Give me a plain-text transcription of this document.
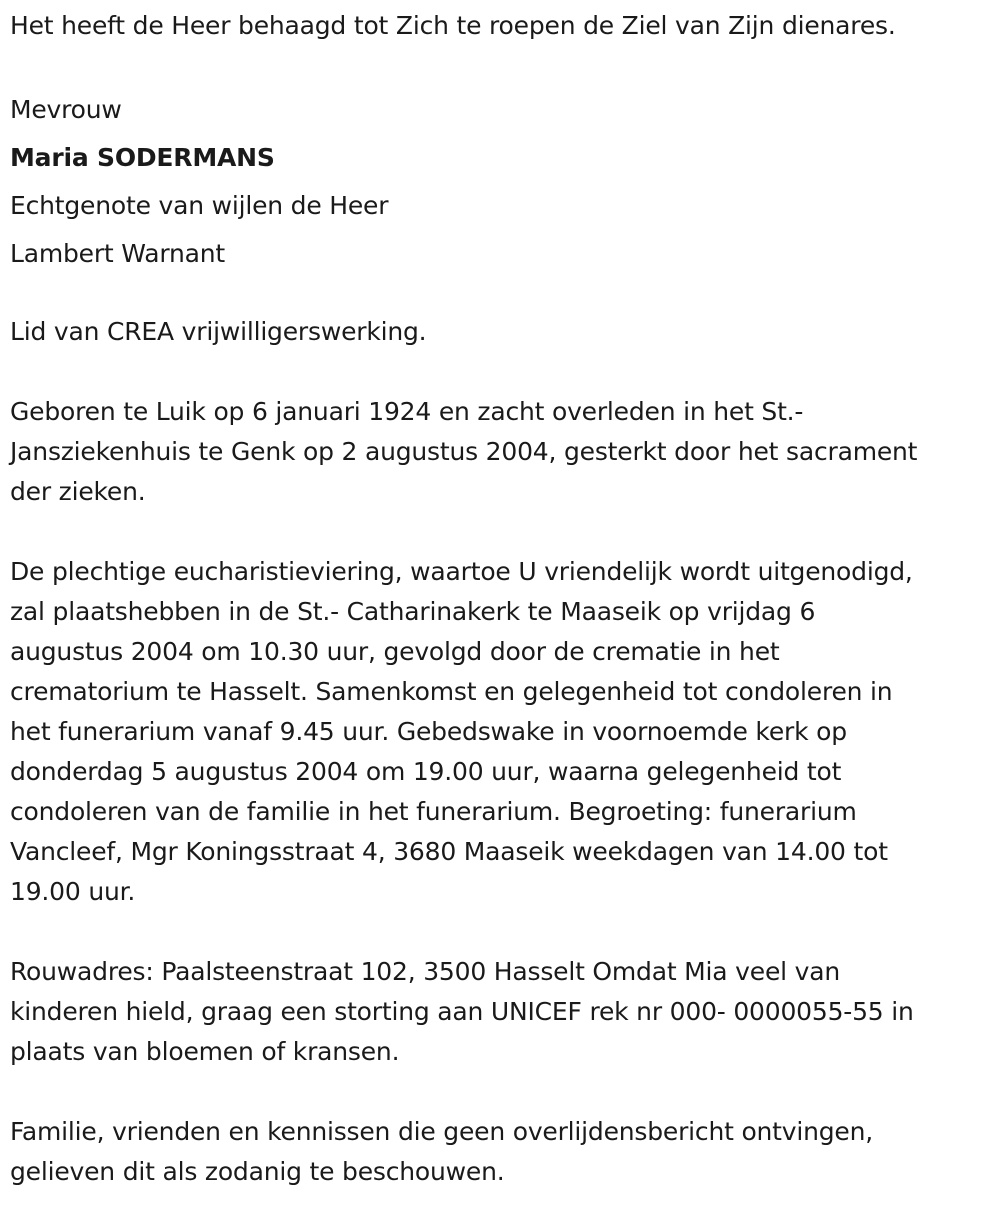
Het heeft de Heer behaagd tot Zich te roepen de Ziel van Zijn dienares.

Mevrouw

Maria SODERMANS

Echtgenote van wijlen de Heer

Lambert Warnant

Lid van CREA vrijwilligerswerking.

Geboren te Luik op 6 januari 1924 en zacht overleden in het St.-

Jansziekenhuis te Genk op 2 augustus 2004, gesterkt door het sacrament

der zieken.

De plechtige eucharistieviering, waartoe U vriendelijk wordt uitgenodigd,

zal plaatshebben in de St.- Catharinakerk te Maaseik op vrijdag 6

augustus 2004 om 10.30 uur, gevolgd door de crematie in het

crematorium te Hasselt. Samenkomst en gelegenheid tot condoleren in

het funerarium vanaf 9.45 uur. Gebedswake in voornoemde kerk op

donderdag 5 augustus 2004 om 19.00 uur, waarna gelegenheid tot

condoleren van de familie in het funerarium. Begroeting: funerarium

Vancleef, Mgr Koningsstraat 4, 3680 Maaseik weekdagen van 14.00 tot

19.00 uur.

Rouwadres: Paalsteenstraat 102, 3500 Hasselt Omdat Mia veel van

kinderen hield, graag een storting aan UNICEF rek nr 000- 0000055-55 in

plaats van bloemen of kransen.

Familie, vrienden en kennissen die geen overlijdensbericht ontvingen,

gelieven dit als zodanig te beschouwen.
